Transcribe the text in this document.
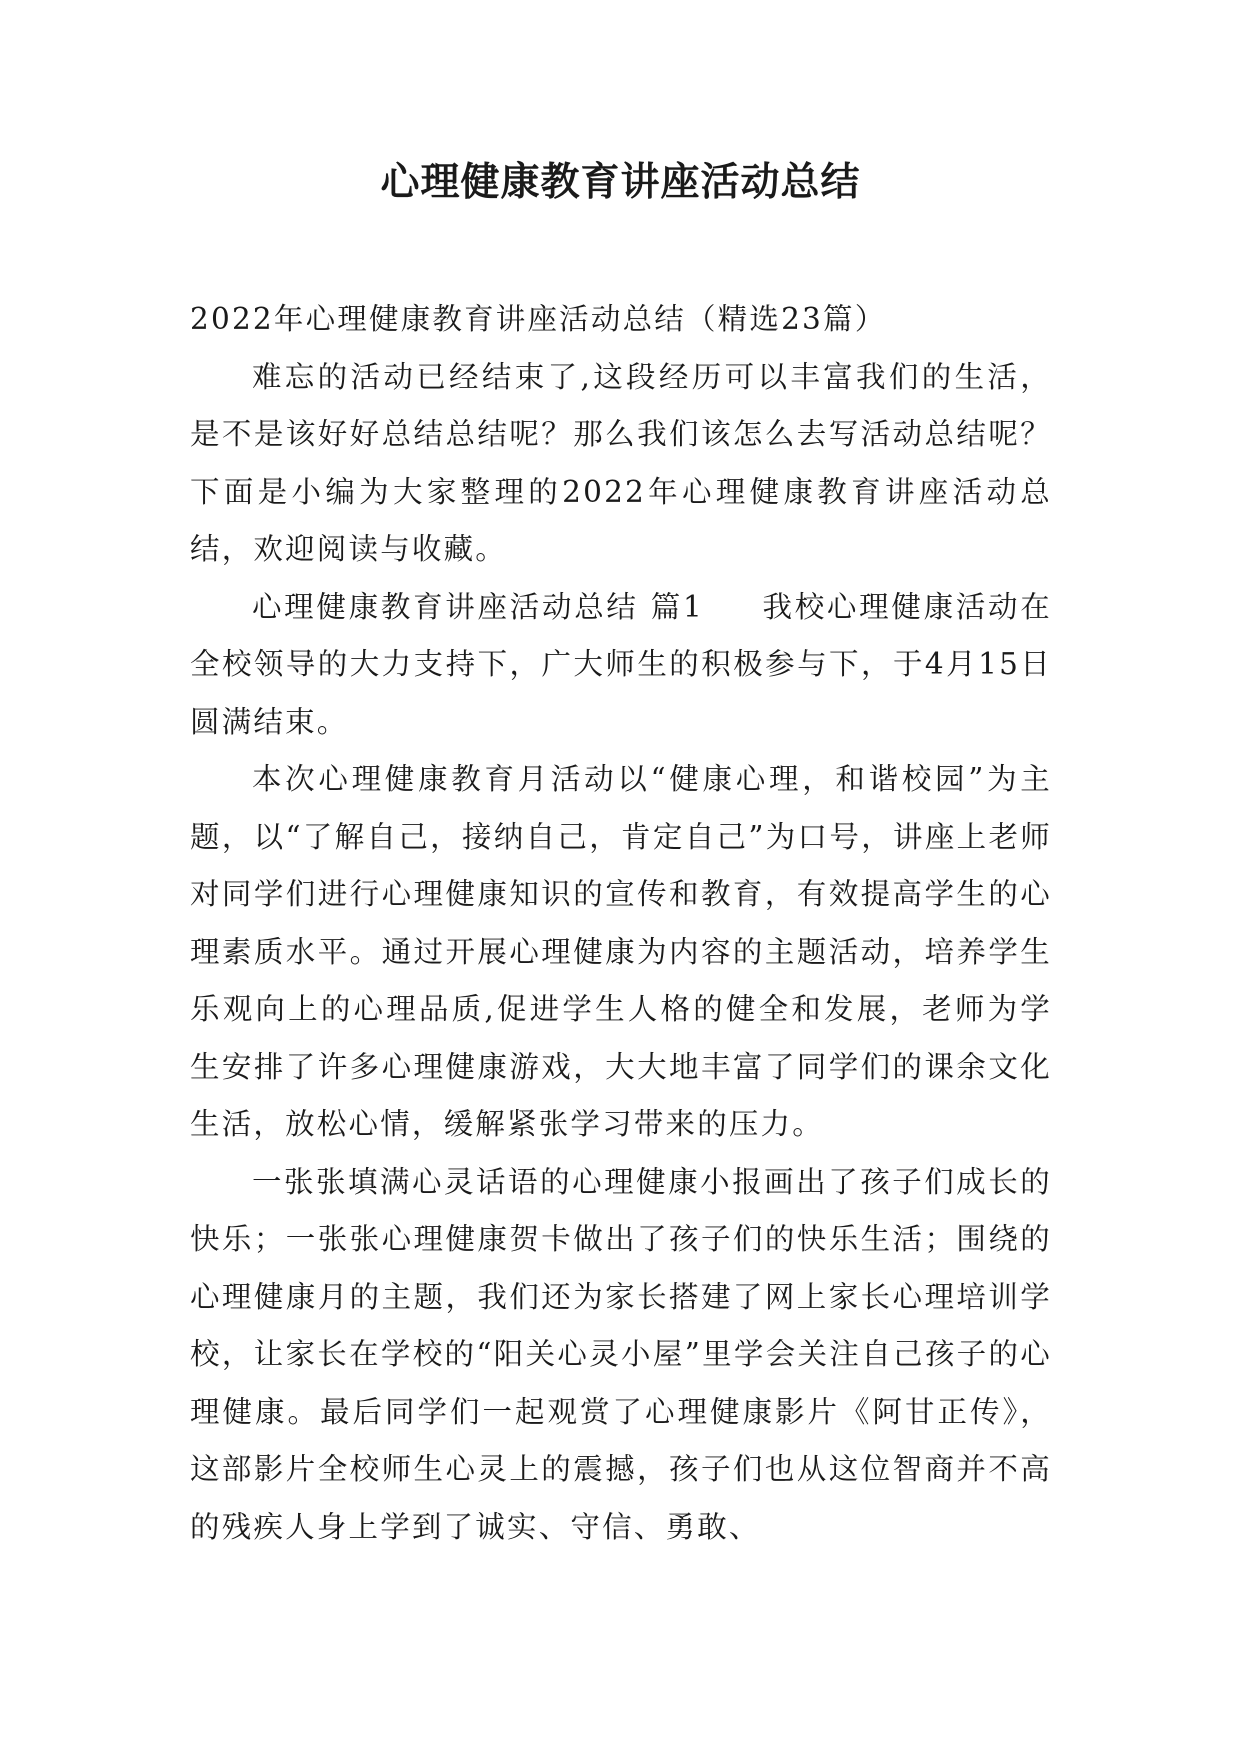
心理健康教育讲座活动总结

2022年心理健康教育讲座活动总结（精选23篇）

难忘的活动已经结束了,这段经历可以丰富我们的生活，是不是该好好总结总结呢？那么我们该怎么去写活动总结呢？下面是小编为大家整理的2022年心理健康教育讲座活动总结，欢迎阅读与收藏。

心理健康教育讲座活动总结 篇1 我校心理健康活动在全校领导的大力支持下，广大师生的积极参与下，于4月15日圆满结束。

本次心理健康教育月活动以“健康心理，和谐校园”为主题，以“了解自己，接纳自己，肯定自己”为口号，讲座上老师对同学们进行心理健康知识的宣传和教育，有效提高学生的心理素质水平。通过开展心理健康为内容的主题活动，培养学生乐观向上的心理品质,促进学生人格的健全和发展，老师为学生安排了许多心理健康游戏，大大地丰富了同学们的课余文化生活，放松心情，缓解紧张学习带来的压力。

一张张填满心灵话语的心理健康小报画出了孩子们成长的快乐；一张张心理健康贺卡做出了孩子们的快乐生活；围绕的心理健康月的主题，我们还为家长搭建了网上家长心理培训学校，让家长在学校的“阳关心灵小屋”里学会关注自己孩子的心理健康。最后同学们一起观赏了心理健康影片《阿甘正传》，这部影片全校师生心灵上的震撼，孩子们也从这位智商并不高的残疾人身上学到了诚实、守信、勇敢、
